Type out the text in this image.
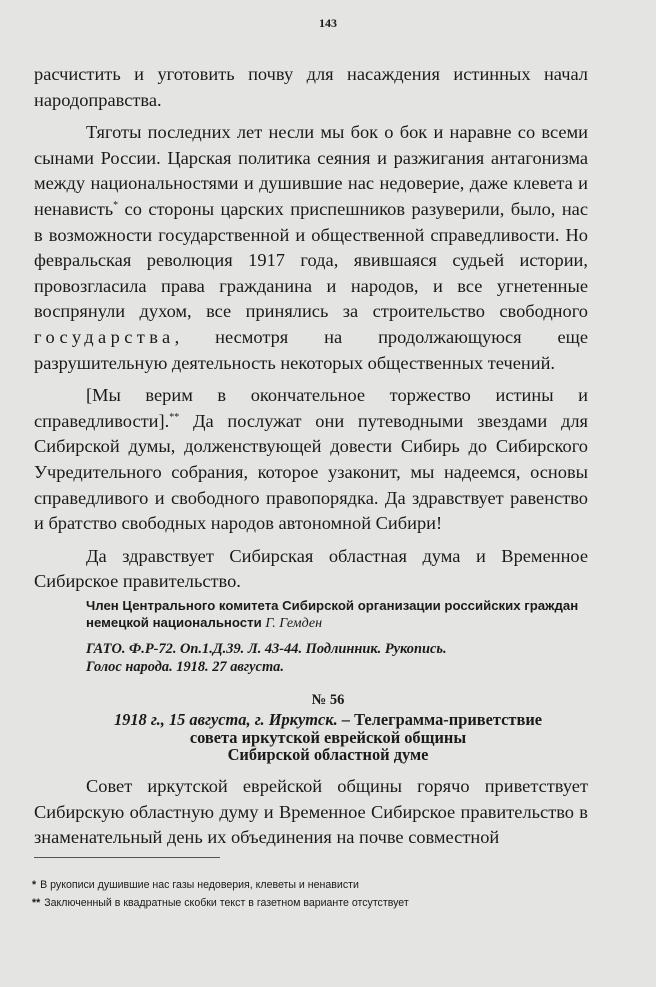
143

расчистить и уготовить почву для насаждения истинных начал народоправства.

Тяготы последних лет несли мы бок о бок и наравне со всеми сынами России. Царская политика сеяния и разжигания антагонизма между национальностями и душившие нас недоверие, даже клевета и ненависть* со стороны царских приспешников разуверили, было, нас в возможности государственной и общественной справедливости. Но февральская революция 1917 года, явившаяся судьей истории, провозгласила права гражданина и народов, и все угнетенные воспрянули духом, все принялись за строительство свободного государства, несмотря на продолжающуюся еще разрушительную деятельность некоторых общественных течений.

[Мы верим в окончательное торжество истины и справедливости].** Да послужат они путеводными звездами для Сибирской думы, долженствующей довести Сибирь до Сибирского Учредительного собрания, которое узаконит, мы надеемся, основы справедливого и свободного правопорядка. Да здравствует равенство и братство свободных народов автономной Сибири!

Да здравствует Сибирская областная дума и Временное Сибирское правительство.

Член Центрального комитета Сибирской организации российских граждан немецкой национальности Г. Гемден
ГАТО. Ф.Р-72. Оп.1.Д.39. Л. 43-44. Подлинник. Рукопись.
Голос народа. 1918. 27 августа.
№ 56
1918 г., 15 августа, г. Иркутск. – Телеграмма-приветствие
совета иркутской еврейской общины
Сибирской областной думе

Совет иркутской еврейской общины горячо приветствует Сибирскую областную думу и Временное Сибирское правительство в знаменательный день их объединения на почве совместной

* В рукописи душившие нас газы недоверия, клеветы и ненависти
** Заключенный в квадратные скобки текст в газетном варианте отсутствует
